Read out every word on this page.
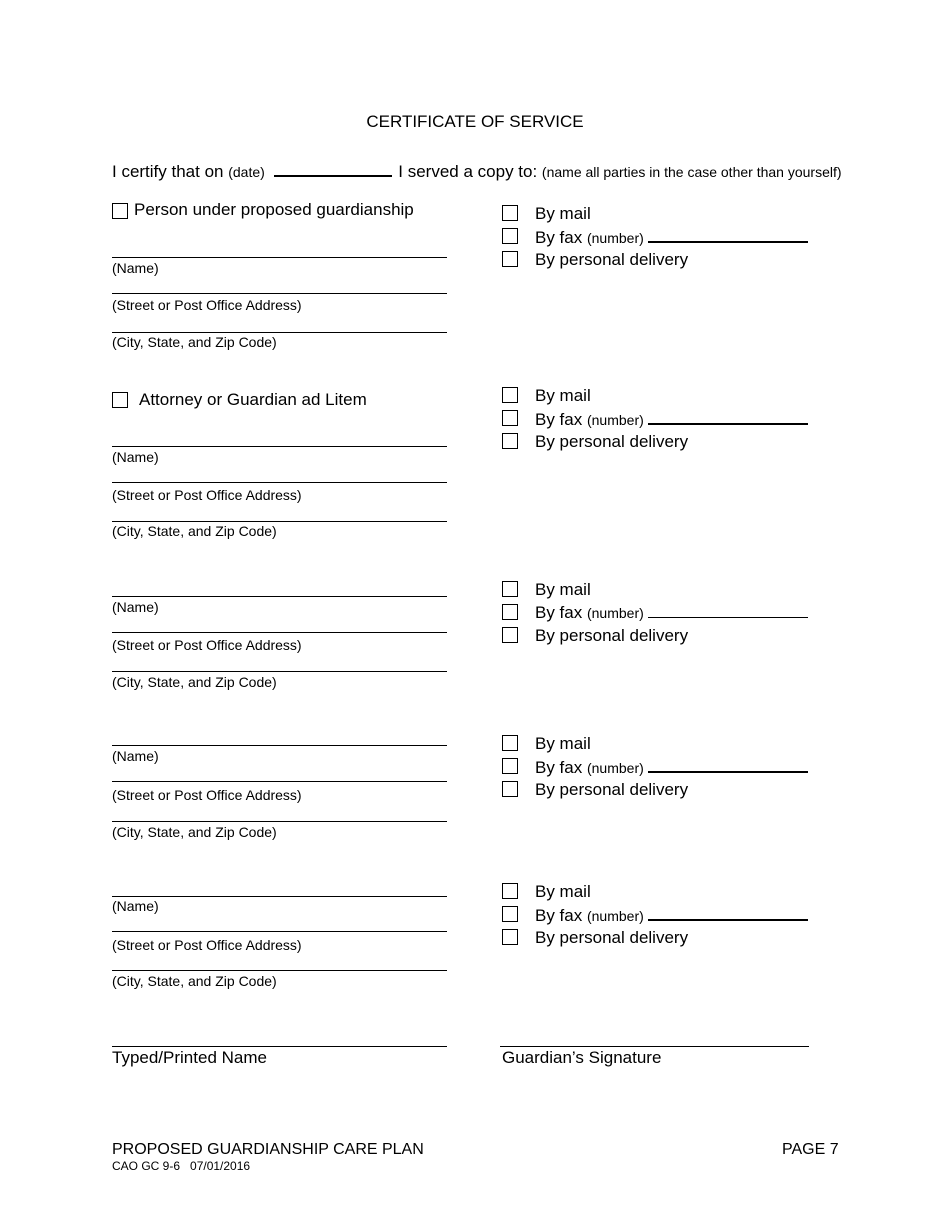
CERTIFICATE OF SERVICE
I certify that on (date)	I served a copy to: (name all parties in the case other than yourself)
Person under proposed guardianship
(Name)
(Street or Post Office Address)
(City, State, and Zip Code)
By mail
By fax (number)
By personal delivery
Attorney or Guardian ad Litem
(Name)
(Street or Post Office Address)
(City, State, and Zip Code)
By mail
By fax (number)
By personal delivery
(Name)
(Street or Post Office Address)
(City, State, and Zip Code)
By mail
By fax (number)
By personal delivery
(Name)
(Street or Post Office Address)
(City, State, and Zip Code)
By mail
By fax (number)
By personal delivery
(Name)
(Street or Post Office Address)
(City, State, and Zip Code)
By mail
By fax (number)
By personal delivery
Typed/Printed Name	Guardian’s Signature
PROPOSED GUARDIANSHIP CARE PLAN
CAO GC 9-6   07/01/2016
PAGE 7
